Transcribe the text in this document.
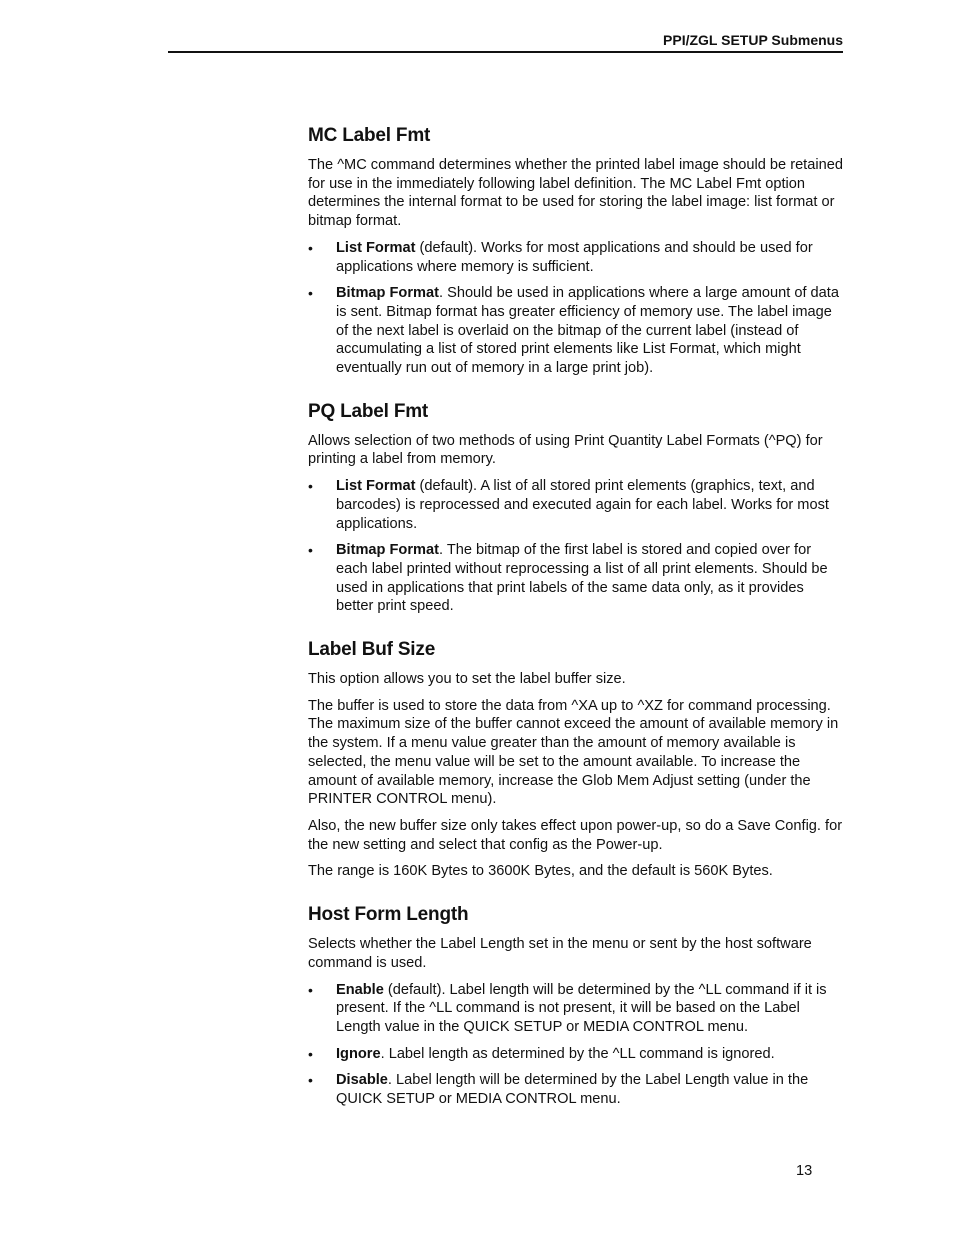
PPI/ZGL SETUP Submenus
MC Label Fmt

The ^MC command determines whether the printed label image should be retained for use in the immediately following label definition. The MC Label Fmt option determines the internal format to be used for storing the label image: list format or bitmap format.

• List Format (default). Works for most applications and should be used for applications where memory is sufficient.
• Bitmap Format. Should be used in applications where a large amount of data is sent. Bitmap format has greater efficiency of memory use. The label image of the next label is overlaid on the bitmap of the current label (instead of accumulating a list of stored print elements like List Format, which might eventually run out of memory in a large print job).
PQ Label Fmt

Allows selection of two methods of using Print Quantity Label Formats (^PQ) for printing a label from memory.

• List Format (default). A list of all stored print elements (graphics, text, and barcodes) is reprocessed and executed again for each label. Works for most applications.
• Bitmap Format. The bitmap of the first label is stored and copied over for each label printed without reprocessing a list of all print elements. Should be used in applications that print labels of the same data only, as it provides better print speed.
Label Buf Size

This option allows you to set the label buffer size.

The buffer is used to store the data from ^XA up to ^XZ for command processing. The maximum size of the buffer cannot exceed the amount of available memory in the system. If a menu value greater than the amount of memory available is selected, the menu value will be set to the amount available. To increase the amount of available memory, increase the Glob Mem Adjust setting (under the PRINTER CONTROL menu).

Also, the new buffer size only takes effect upon power-up, so do a Save Config. for the new setting and select that config as the Power-up.

The range is 160K Bytes to 3600K Bytes, and the default is 560K Bytes.

Host Form Length

Selects whether the Label Length set in the menu or sent by the host software command is used.

• Enable (default). Label length will be determined by the ^LL command if it is present. If the ^LL command is not present, it will be based on the Label Length value in the QUICK SETUP or MEDIA CONTROL menu.
• Ignore. Label length as determined by the ^LL command is ignored.
• Disable. Label length will be determined by the Label Length value in the QUICK SETUP or MEDIA CONTROL menu.
13
